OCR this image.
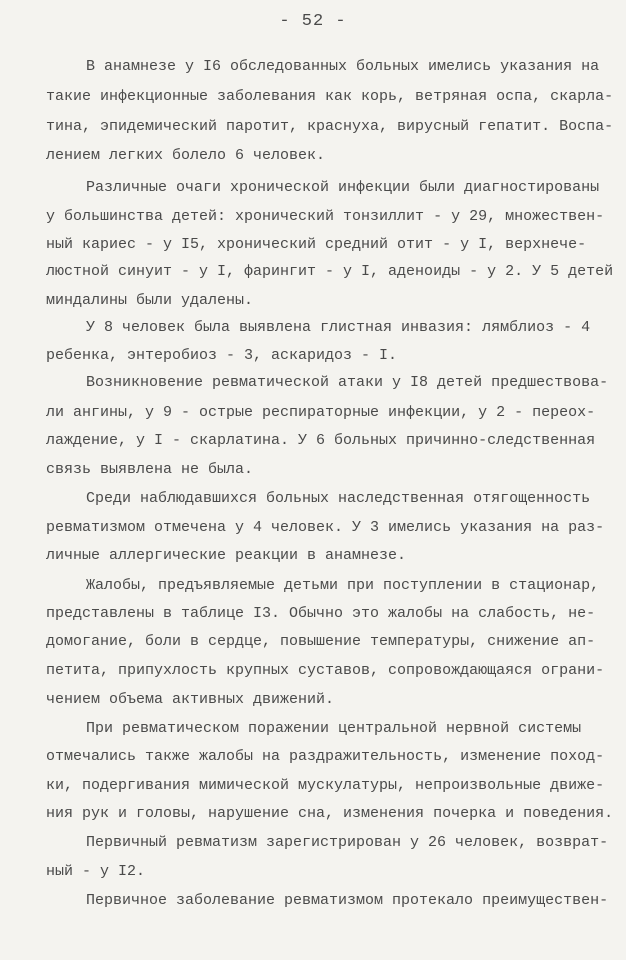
- 52 -
В анамнезе у I6 обследованных больных имелись указания на
такие инфекционные заболевания как корь, ветряная оспа, скарла-
тина, эпидемический паротит, краснуха, вирусный гепатит. Воспа-
лением легких болело 6 человек.
Различные очаги хронической инфекции были диагностированы
у большинства детей: хронический тонзиллит - у 29, множествен-
ный кариес - у I5, хронический средний отит - у I, верхнече-
люстной синуит - у I, фарингит - у I, аденоиды - у 2. У 5 детей
миндалины были удалены.
У 8 человек была выявлена глистная инвазия: лямблиоз - 4
ребенка, энтеробиоз - 3, аскаридоз - I.
Возникновение ревматической атаки у I8 детей предшествова-
ли ангины, у 9 - острые респираторные инфекции, у 2 - переох-
лаждение, у I - скарлатина. У 6 больных причинно-следственная
связь выявлена не была.
Среди наблюдавшихся больных наследственная отягощенность
ревматизмом отмечена у 4 человек. У 3 имелись указания на раз-
личные аллергические реакции в анамнезе.
Жалобы, предъявляемые детьми при поступлении в стационар,
представлены в таблице I3. Обычно это жалобы на слабость, не-
домогание, боли в сердце, повышение температуры, снижение ап-
петита, припухлость крупных суставов, сопровождающаяся ограни-
чением объема активных движений.
При ревматическом поражении центральной нервной системы
отмечались также жалобы на раздражительность, изменение поход-
ки, подергивания мимической мускулатуры, непроизвольные движе-
ния рук и головы, нарушение сна, изменения почерка и поведения.
Первичный ревматизм зарегистрирован у 26 человек, возврат-
ный - у I2.
Первичное заболевание ревматизмом протекало преимуществен-
